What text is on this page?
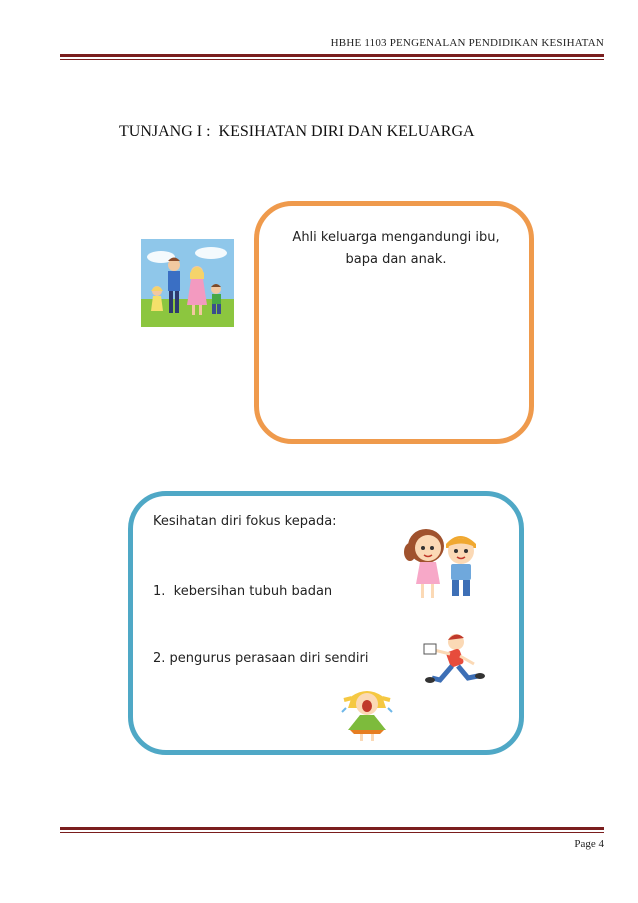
HBHE 1103 PENGENALAN PENDIDIKAN KESIHATAN
TUNJANG I :  KESIHATAN DIRI DAN KELUARGA
Ahli keluarga mengandungi ibu,
bapa dan anak.
Kesihatan diri fokus kepada:
1.  kebersihan tubuh badan
2. pengurus perasaan diri sendiri
Page 4
